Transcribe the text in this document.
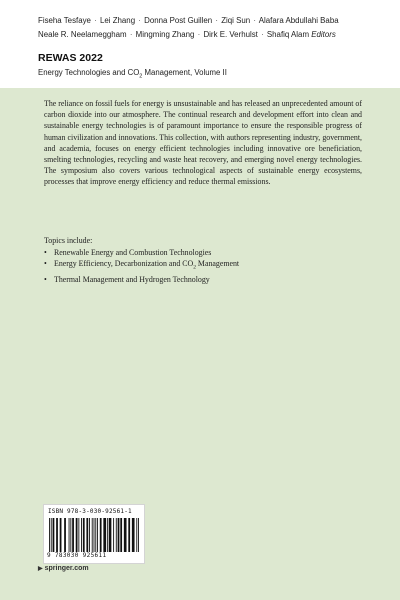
Fiseha Tesfaye · Lei Zhang · Donna Post Guillen · Ziqi Sun · Alafara Abdullahi Baba
Neale R. Neelameggham · Mingming Zhang · Dirk E. Verhulst · Shafiq Alam Editors
REWAS 2022
Energy Technologies and $CO_2$ Management, Volume II

The reliance on fossil fuels for energy is unsustainable and has released an unprecedented amount of carbon dioxide into our atmosphere. The continual research and development effort into clean and sustainable energy technologies is of paramount importance to ensure the responsible progress of human civilization and innovations. This collection, with authors representing industry, government, and academia, focuses on energy efficient technologies including innovative ore beneficiation, smelting technologies, recycling and waste heat recovery, and emerging novel energy technologies. The symposium also covers various technological aspects of sustainable energy ecosystems, processes that improve energy efficiency and reduce thermal emissions.

Topics include:

• Renewable Energy and Combustion Technologies
• Energy Efficiency, Decarbonization and $CO_2$ Management
• Thermal Management and Hydrogen Technology
ISBN 978-3-030-92561-1
9 783030 925611
▶ springer.com
